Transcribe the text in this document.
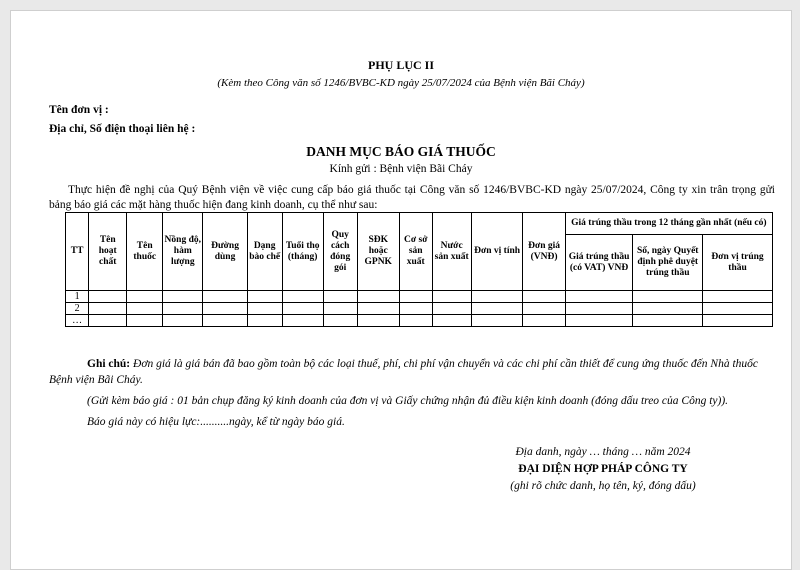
PHỤ LỤC II
(Kèm theo Công văn số 1246/BVBC-KD ngày 25/07/2024 của Bệnh viện Bãi Cháy)
Tên đơn vị :
Địa chỉ, Số điện thoại liên hệ :
DANH MỤC BÁO GIÁ THUỐC
Kính gửi : Bệnh viện Bãi Cháy
Thực hiện đề nghị của Quý Bệnh viện về việc cung cấp báo giá thuốc tại Công văn số 1246/BVBC-KD ngày 25/07/2024, Công ty xin trân trọng gửi bảng báo giá các mặt hàng thuốc hiện đang kinh doanh, cụ thể như sau:
TT	Tên hoạt chất	Tên thuốc	Nồng độ, hàm lượng	Đường dùng	Dạng bào chế	Tuổi thọ (tháng)	Quy cách đóng gói	SĐK hoặc GPNK	Cơ sở sản xuất	Nước sản xuất	Đơn vị tính	Đơn giá (VNĐ)	Giá trúng thầu trong 12 tháng gần nhất (nếu có)		
													Giá trúng thầu (có VAT) VNĐ	Số, ngày Quyết định phê duyệt trúng thầu	Đơn vị trúng thầu
1															
2															
…															

Ghi chú: Đơn giá là giá bán đã bao gồm toàn bộ các loại thuế, phí, chi phí vận chuyển và các chi phí cần thiết để cung ứng thuốc đến Nhà thuốc Bệnh viện Bãi Cháy.

(Gửi kèm báo giá : 01 bản chụp đăng ký kinh doanh của đơn vị và Giấy chứng nhận đủ điều kiện kinh doanh (đóng dấu treo của Công ty)).

Báo giá này có hiệu lực:..........ngày, kể từ ngày báo giá.

Địa danh, ngày … tháng … năm 2024
ĐẠI DIỆN HỢP PHÁP CÔNG TY
(ghi rõ chức danh, họ tên, ký, đóng dấu)
